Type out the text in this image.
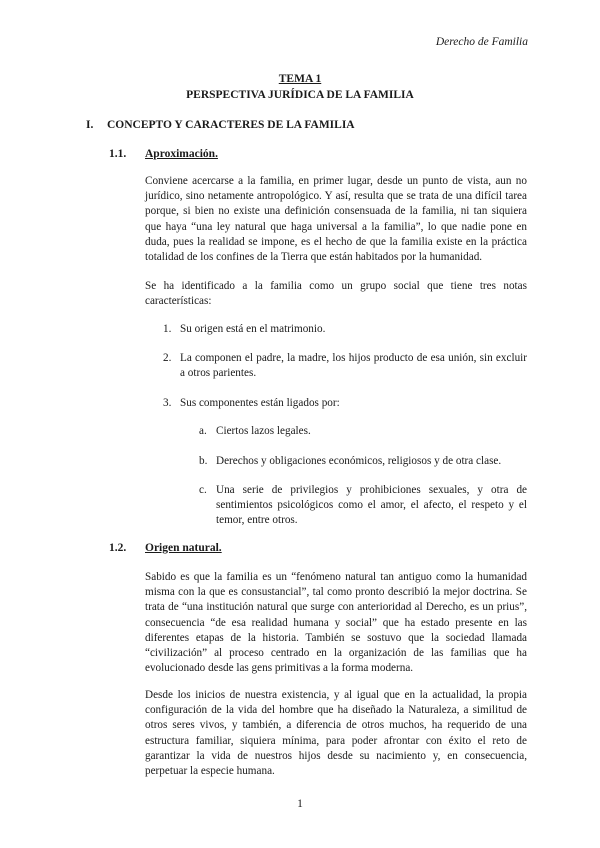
Derecho de Familia
TEMA 1
PERSPECTIVA JURÍDICA DE LA FAMILIA
I. CONCEPTO Y CARACTERES DE LA FAMILIA
1.1. Aproximación.

Conviene acercarse a la familia, en primer lugar, desde un punto de vista, aun no jurídico, sino netamente antropológico. Y así, resulta que se trata de una difícil tarea porque, si bien no existe una definición consensuada de la familia, ni tan siquiera que haya “una ley natural que haga universal a la familia”, lo que nadie pone en duda, pues la realidad se impone, es el hecho de que la familia existe en la práctica totalidad de los confines de la Tierra que están habitados por la humanidad.

Se ha identificado a la familia como un grupo social que tiene tres notas características:

1. Su origen está en el matrimonio.
2. La componen el padre, la madre, los hijos producto de esa unión, sin excluir a otros parientes.
3. Sus componentes están ligados por:
a. Ciertos lazos legales.
b. Derechos y obligaciones económicos, religiosos y de otra clase.
c. Una serie de privilegios y prohibiciones sexuales, y otra de sentimientos psicológicos como el amor, el afecto, el respeto y el temor, entre otros.
1.2. Origen natural.

Sabido es que la familia es un “fenómeno natural tan antiguo como la humanidad misma con la que es consustancial”, tal como pronto describió la mejor doctrina. Se trata de “una institución natural que surge con anterioridad al Derecho, es un prius”, consecuencia “de esa realidad humana y social” que ha estado presente en las diferentes etapas de la historia. También se sostuvo que la sociedad llamada “civilización” al proceso centrado en la organización de las familias que ha evolucionado desde las gens primitivas a la forma moderna.

Desde los inicios de nuestra existencia, y al igual que en la actualidad, la propia configuración de la vida del hombre que ha diseñado la Naturaleza, a similitud de otros seres vivos, y también, a diferencia de otros muchos, ha requerido de una estructura familiar, siquiera mínima, para poder afrontar con éxito el reto de garantizar la vida de nuestros hijos desde su nacimiento y, en consecuencia, perpetuar la especie humana.

1
